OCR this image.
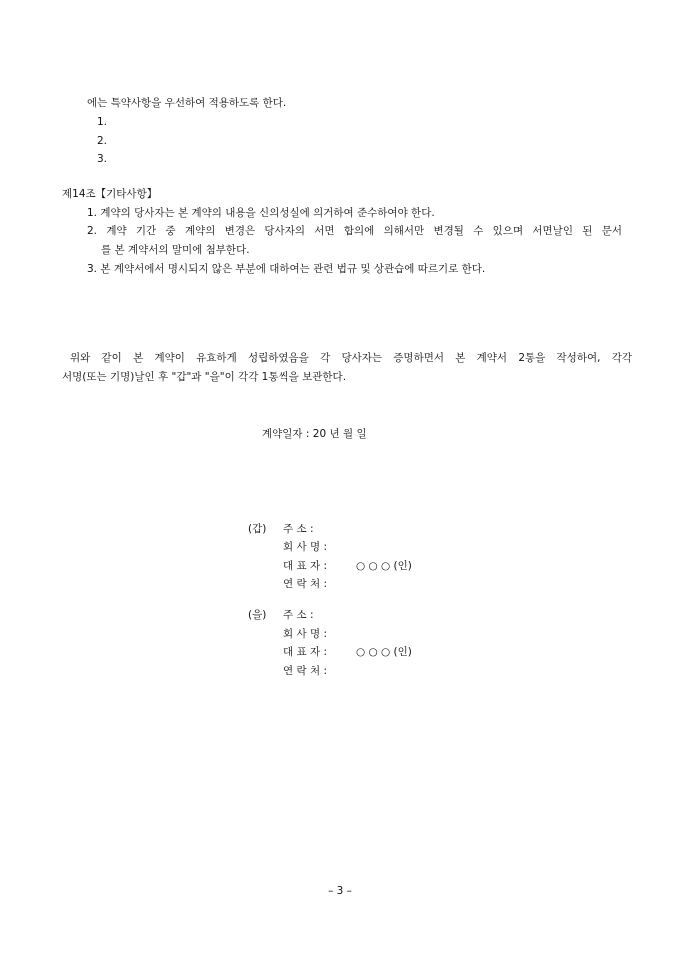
에는 특약사항을 우선하여 적용하도록 한다.
1.
2.
3.
제14조【기타사항】
1. 계약의 당사자는 본 계약의 내용을 신의성실에 의거하여 준수하여야 한다.
2. 계약 기간 중 계약의 변경은 당사자의 서면 합의에 의해서만 변경될 수 있으며 서면날인 된 문서
를 본 계약서의 말미에 첨부한다.
3. 본 계약서에서 명시되지 않은 부분에 대하여는 관련 법규 및 상관습에 따르기로 한다.
위와 같이 본 계약이 유효하게 성립하였음을 각 당사자는 증명하면서 본 계약서 2통을 작성하여, 각각
서명(또는 기명)날인 후 "갑"과 "을"이 각각 1통씩을 보관한다.
계약일자 : 20 년 월 일
(갑) 주 소 :
회 사 명 :
대 표 자 :	○ ○ ○ (인)
연 락 처 :
(을) 주 소 :
회 사 명 :
대 표 자 :	○ ○ ○ (인)
연 락 처 :
– 3 –
